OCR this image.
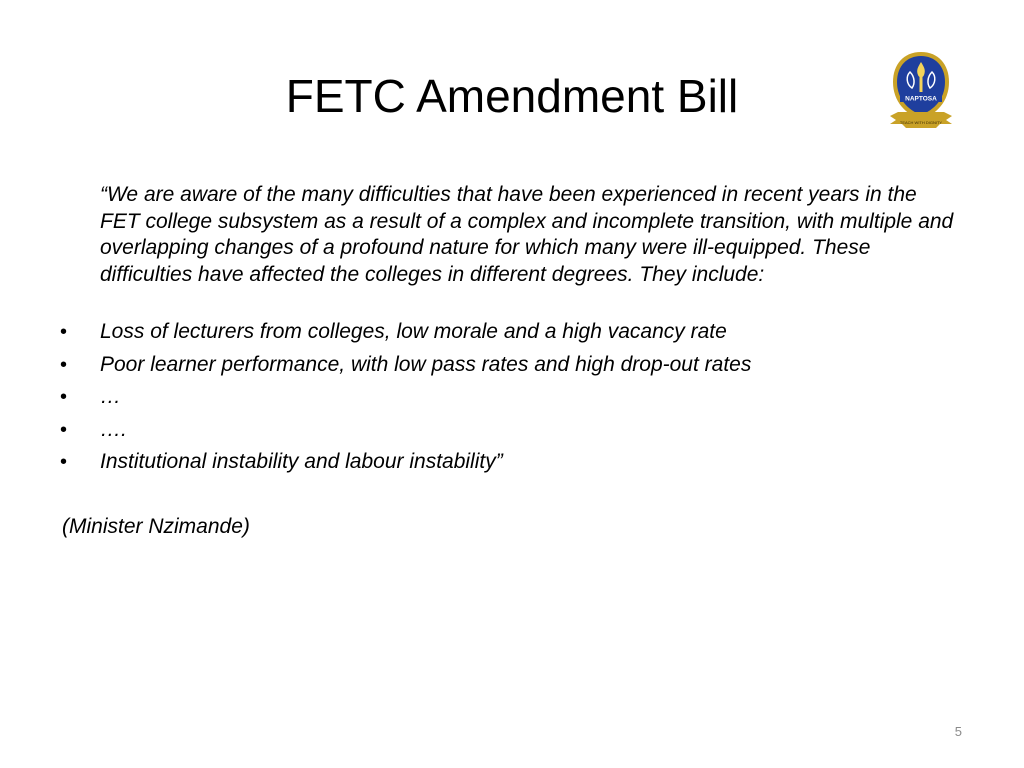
FETC Amendment Bill	NAPTOSA
TEACH WITH DIGNITY

“We are aware of the many difficulties that have been experienced in recent years in the FET college subsystem as a result of a complex and incomplete transition, with multiple and overlapping changes of a profound nature for which many were ill-equipped. These difficulties have affected the colleges in different degrees. They include:

• Loss of lecturers from colleges, low morale and a high vacancy rate
• Poor learner performance, with low pass rates and high drop-out rates
• …
• ….
• Institutional instability and labour instability”

(Minister Nzimande)

5
